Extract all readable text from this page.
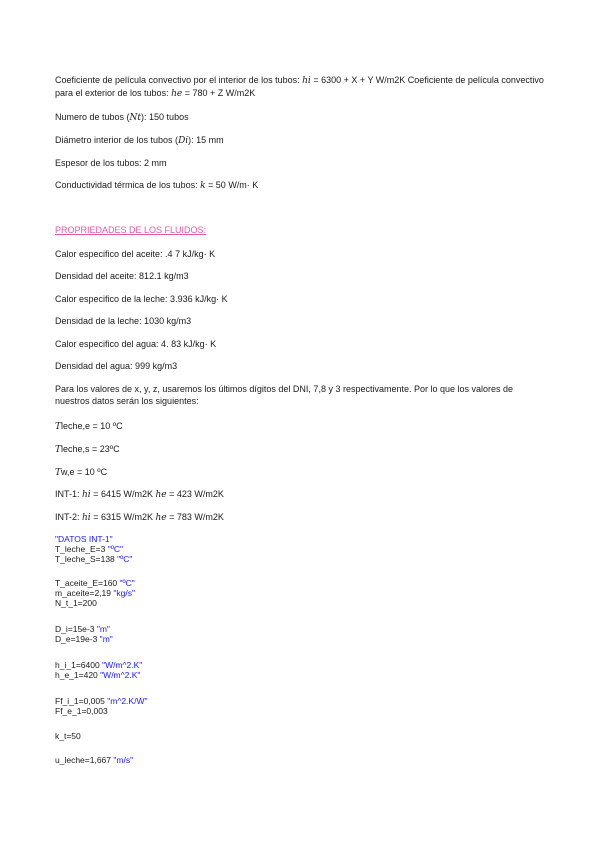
Coeficiente de película convectivo por el interior de los tubos: hi = 6300 + X + Y W/m2K Coeficiente de película convectivo para el exterior de los tubos: he = 780 + Z W/m2K
Numero de tubos (Nt): 150 tubos
Diámetro interior de los tubos (Di): 15 mm
Espesor de los tubos: 2 mm
Conductividad térmica de los tubos: k = 50 W/m· K
PROPRIEDADES DE LOS FLUIDOS:
Calor especifico del aceite: .4 7 kJ/kg· K
Densidad del aceite: 812.1 kg/m3
Calor especifico de la leche: 3.936 kJ/kg· K
Densidad de la leche: 1030 kg/m3
Calor especifico del agua: 4. 83 kJ/kg· K
Densidad del agua: 999 kg/m3
Para los valores de x, y, z, usaremos los últimos dígitos del DNI, 7,8 y 3 respectivamente. Por lo que los valores de nuestros datos serán los siguientes:
Tleche,e = 10 ºC
Tleche,s = 23ºC
Tw,e = 10 ºC
INT-1: hi = 6415 W/m2K he = 423 W/m2K
INT-2: hi = 6315 W/m2K he = 783 W/m2K
"DATOS INT-1"
T_leche_E=3 "ºC"
T_leche_S=138 "ºC"
T_aceite_E=160 "ºC"
m_aceite=2,19 "kg/s"
N_t_1=200
D_i=15e-3 "m"
D_e=19e-3 "m"
h_i_1=6400 "W/m^2.K"
h_e_1=420 "W/m^2.K"
Ff_i_1=0,005 "m^2.K/W"
Ff_e_1=0,003
k_t=50
u_leche=1,667 "m/s"
